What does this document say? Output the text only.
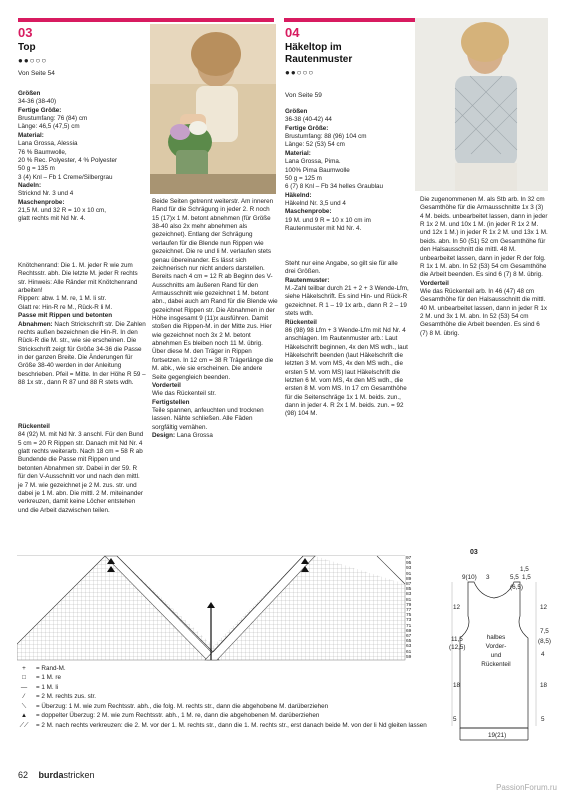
03
Top
●●○○○
Von Seite 54

Größen

34-36 (38-40)

Fertige Größe:

Brustumfang: 76 (84) cm

Länge: 46,5 (47,5) cm

Material:

Lana Grossa, Alessia

76 % Baumwolle,

20 % Rec. Polyester, 4 % Polyester

50 g = 135 m

3 (4) Knl – Fb 1 Creme/Silbergrau

Nadeln:

Stricknd Nr. 3 und 4

Maschenprobe:

21,5 M. und 32 R = 10 x 10 cm,

glatt rechts mit Nd Nr. 4.

Knötchenrand: Die 1. M. jeder R wie zum Rechtsstr. abh. Die letzte M. jeder R rechts str. Hinweis: Alle Ränder mit Knötchenrand arbeiten!

Rippen: abw. 1 M. re, 1 M. li str.

Glatt re: Hin-R re M., Rück-R li M.

Passe mit Rippen und betonten Abnahmen: Nach Strickschrift str. Die Zahlen rechts außen bezeichnen die Hin-R. In den Rück-R die M. str., wie sie erscheinen. Die Strickschrift zeigt für Größe 34-36 die Passe in der ganzen Breite. Die Änderungen für Größe 38-40 werden in der Anleitung beschrieben. Pfeil = Mitte. In der Höhe R 59 – 88 1x str., dann R 87 und 88 R stets wdh.

Rückenteil

84 (92) M. mit Nd Nr. 3 anschl. Für den Bund 5 cm = 20 R Rippen str. Danach mit Nd Nr. 4 glatt rechts weiterarb. Nach 18 cm = 58 R ab Bundende die Passe mit Rippen und betonten Abnahmen str. Dabei in der 59. R für den V-Ausschnitt vor und nach den mittl. je 7 M. wie gezeichnet je 2 M. zus. str. und dabei je 1 M. abn. Die mittl. 2 M. miteinander verkreuzen, damit keine Löcher entstehen und die Arbeit dazwischen teilen.

Beide Seiten getrennt weiterstr. Am inneren Rand für die Schrägung in jeder 2. R noch 15 (17)x 1 M. betont abnehmen (für Größe 38-40 also 2x mehr abnehmen als gezeichnet). Entlang der Schrägung verlaufen für die Blende nun Rippen wie gezeichnet. Die re und li M. verlaufen stets genau übereinander. Es lässt sich zeichnerisch nur nicht anders darstellen. Bereits nach 4 cm = 12 R ab Beginn des V-Ausschnitts am äußeren Rand für den Armausschnitt wie gezeichnet 1 M. betont abn., dabei auch am Rand für die Blende wie gezeichnet Rippen str. Die Abnahmen in der Höhe insgesamt 9 (11)x ausführen. Damit stoßen die Rippen-M. in der Mitte zus. Hier wie gezeichnet noch 3x 2 M. betont abnehmen Es bleiben noch 11 M. übrig. Über diese M. den Träger in Rippen fortsetzen. In 12 cm = 38 R Trägerlänge die M. abk., wie sie erscheinen. Die andere Seite gegengleich beenden.

Vorderteil

Wie das Rückenteil str.

Fertigstellen

Teile spannen, anfeuchten und trocknen lassen. Nähte schließen. Alle Fäden sorgfältig vernähen.

Design: Lana Grossa

04
Häkeltop im Rautenmuster
●●○○○
Von Seite 59

Größen

36-38 (40-42) 44

Fertige Größe:

Brustumfang: 88 (96) 104 cm

Länge: 52 (53) 54 cm

Material:

Lana Grossa, Pima.

100% Pima Baumwolle

50 g = 125 m

6 (7) 8 Knl – Fb 34 helles Graublau

Häkelnd:

Häkelnd Nr. 3,5 und 4

Maschenprobe:

19 M. und 9 R = 10 x 10 cm im Rautenmuster mit Nd Nr. 4.

Steht nur eine Angabe, so gilt sie für alle drei Größen.

Rautenmuster:

M.-Zahl teilbar durch 21 + 2 + 3 Wende-Lfm, siehe Häkelschrift. Es sind Hin- und Rück-R gezeichnet. R 1 – 19 1x arb., dann R 2 – 19 stets wdh.

Rückenteil

86 (98) 98 Lfm + 3 Wende-Lfm mit Nd Nr. 4 anschlagen. Im Rautenmuster arb.: Laut Häkelschrift beginnen, 4x den MS wdh., laut Häkelschrift beenden (laut Häkelschrift die letzten 3 M. vom MS, 4x den MS wdh., die ersten 5 M. vom MS) laut Häkelschrift die letzten 6 M. vom MS, 4x den MS wdh., die ersten 8 M. vom MS. In 17 cm Gesamthöhe für die Seitenschräge 1x 1 M. beids. zun., dann in jeder 4. R 2x 1 M. beids. zun. = 92 (98) 104 M.

Die zugenommenen M. als Stb arb. In 32 cm Gesamthöhe für die Armausschnitte 1x 3 (3) 4 M. beids. unbearbeitet lassen, dann in jeder R 1x 2 M. und 10x 1 M. (in jeder R 1x 2 M. und 12x 1 M.) in jeder R 1x 2 M. und 13x 1 M. beids. abn. In 50 (51) 52 cm Gesamthöhe für den Halsausschnitt die mittl. 48 M. unbearbeitet lassen, dann in jeder R der folg. R 1x 1 M. abn. In 52 (53) 54 cm Gesamthöhe die Arbeit beenden. Es sind 6 (7) 8 M. übrig.

Vorderteil

Wie das Rückenteil arb. In 46 (47) 48 cm Gesamthöhe für den Halsausschnitt die mittl. 40 M. unbearbeitet lassen, dann in jeder R 1x 2 M. und 3x 1 M. abn. In 52 (53) 54 cm Gesamthöhe die Arbeit beenden. Es sind 6 (7) 8 M. übrig.

97
95
93
91
89
87
85
83
81
79
77
75
73
71
69
67
65
63
61
59
03
9(10) 3
1,5
5,5 1,5
(6,5)
12
11,5
(12,5)
18
5
12
7,5
(8,5)
4
18
5
halbes
Vorder-
und
Rückenteil
19(21)
+	= Rand-M.
□	= 1 M. re
—	= 1 M. li
⁄	= 2 M. rechts zus. str.
⟍	= Überzug: 1 M. wie zum Rechtsstr. abh., die folg. M. rechts str., dann die abgehobene M. darüberziehen
▲	= doppelter Überzug: 2 M. wie zum Rechtsstr. abh., 1 M. re, dann die abgehobenen M. darüberziehen
⟋⟋ = 2 M. nach rechts verkreuzen: die 2. M. vor der 1. M. rechts str., dann die 1. M. rechts str., erst danach beide M. von der li Nd gleiten lassen
62 burdastricken
PassionForum.ru
